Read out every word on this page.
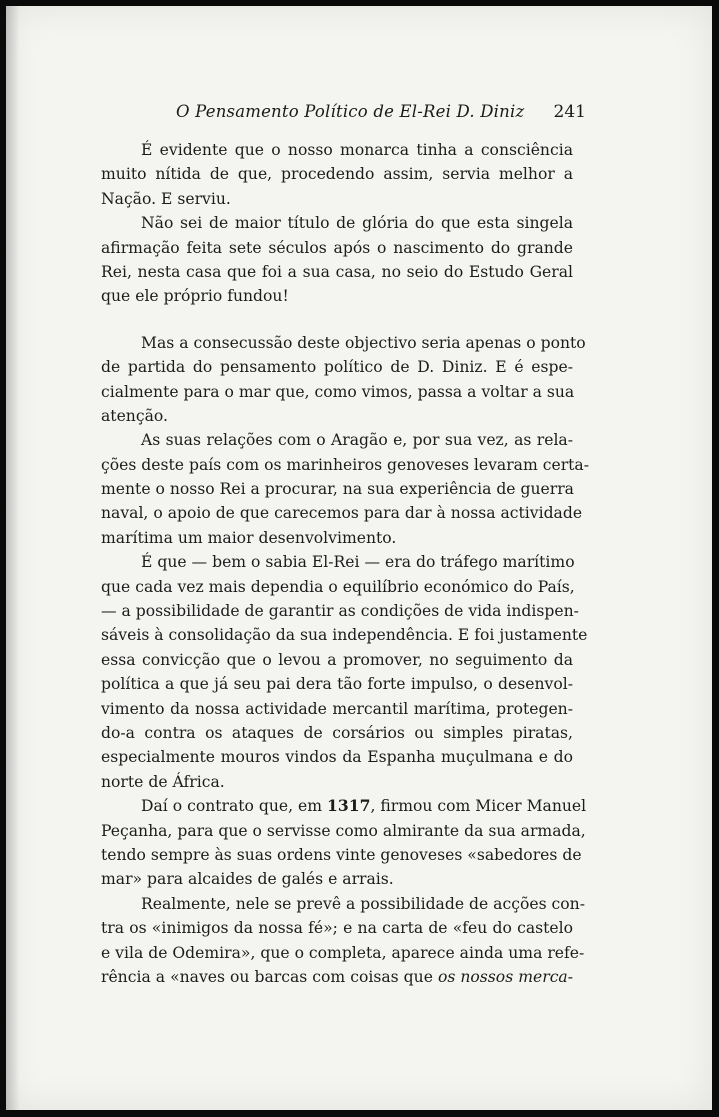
O Pensamento Político de El-Rei D. Diniz 241
É evidente que o nosso monarca tinha a consciência
muito nítida de que, procedendo assim, servia melhor a
Nação. E serviu.
Não sei de maior título de glória do que esta singela
afirmação feita sete séculos após o nascimento do grande
Rei, nesta casa que foi a sua casa, no seio do Estudo Geral
que ele próprio fundou!
Mas a consecussão deste objectivo seria apenas o ponto
de partida do pensamento político de D. Diniz. E é espe-
cialmente para o mar que, como vimos, passa a voltar a sua
atenção.
As suas relações com o Aragão e, por sua vez, as rela-
ções deste país com os marinheiros genoveses levaram certa-
mente o nosso Rei a procurar, na sua experiência de guerra
naval, o apoio de que carecemos para dar à nossa actividade
marítima um maior desenvolvimento.
É que — bem o sabia El-Rei — era do tráfego marítimo
que cada vez mais dependia o equilíbrio económico do País,
— a possibilidade de garantir as condições de vida indispen-
sáveis à consolidação da sua independência. E foi justamente
essa convicção que o levou a promover, no seguimento da
política a que já seu pai dera tão forte impulso, o desenvol-
vimento da nossa actividade mercantil marítima, protegen-
do-a contra os ataques de corsários ou simples piratas,
especialmente mouros vindos da Espanha muçulmana e do
norte de África.
Daí o contrato que, em 1317, firmou com Micer Manuel
Peçanha, para que o servisse como almirante da sua armada,
tendo sempre às suas ordens vinte genoveses «sabedores de
mar» para alcaides de galés e arrais.
Realmente, nele se prevê a possibilidade de acções con-
tra os «inimigos da nossa fé»; e na carta de «feu do castelo
e vila de Odemira», que o completa, aparece ainda uma refe-
rência a «naves ou barcas com coisas que os nossos merca-
